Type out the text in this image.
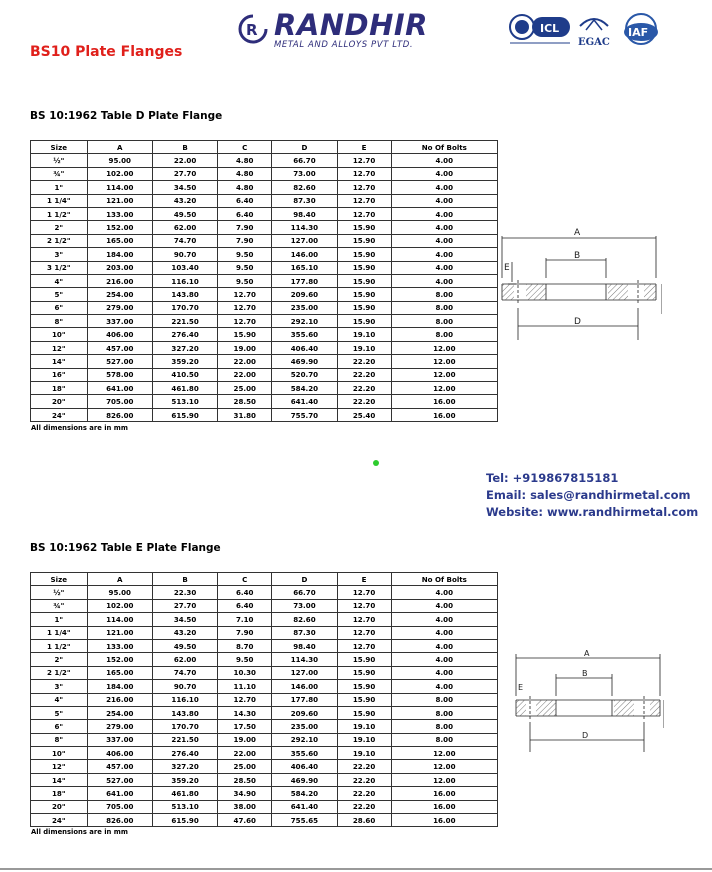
R RANDHIR
METAL AND ALLOYS PVT LTD.
ICL
EGAC
IAF
BS10 Plate Flanges
BS 10:1962 Table D Plate Flange
Size	A	B	C	D	E	No Of Bolts
½"	95.00	22.00	4.80	66.70	12.70	4.00
¾"	102.00	27.70	4.80	73.00	12.70	4.00
1"	114.00	34.50	4.80	82.60	12.70	4.00
1 1/4"	121.00	43.20	6.40	87.30	12.70	4.00
1 1/2"	133.00	49.50	6.40	98.40	12.70	4.00
2"	152.00	62.00	7.90	114.30	15.90	4.00
2 1/2"	165.00	74.70	7.90	127.00	15.90	4.00
3"	184.00	90.70	9.50	146.00	15.90	4.00
3 1/2"	203.00	103.40	9.50	165.10	15.90	4.00
4"	216.00	116.10	9.50	177.80	15.90	4.00
5"	254.00	143.80	12.70	209.60	15.90	8.00
6"	279.00	170.70	12.70	235.00	15.90	8.00
8"	337.00	221.50	12.70	292.10	15.90	8.00
10"	406.00	276.40	15.90	355.60	19.10	8.00
12"	457.00	327.20	19.00	406.40	19.10	12.00
14"	527.00	359.20	22.00	469.90	22.20	12.00
16"	578.00	410.50	22.00	520.70	22.20	12.00
18"	641.00	461.80	25.00	584.20	22.20	12.00
20"	705.00	513.10	28.50	641.40	22.20	16.00
24"	826.00	615.90	31.80	755.70	25.40	16.00
All dimensions are in mm
A
B
D
E
Tel: +919867815181
Email: sales@randhirmetal.com
Website: www.randhirmetal.com
BS 10:1962 Table E Plate Flange
Size	A	B	C	D	E	No Of Bolts
½"	95.00	22.30	6.40	66.70	12.70	4.00
¾"	102.00	27.70	6.40	73.00	12.70	4.00
1"	114.00	34.50	7.10	82.60	12.70	4.00
1 1/4"	121.00	43.20	7.90	87.30	12.70	4.00
1 1/2"	133.00	49.50	8.70	98.40	12.70	4.00
2"	152.00	62.00	9.50	114.30	15.90	4.00
2 1/2"	165.00	74.70	10.30	127.00	15.90	4.00
3"	184.00	90.70	11.10	146.00	15.90	4.00
4"	216.00	116.10	12.70	177.80	15.90	8.00
5"	254.00	143.80	14.30	209.60	15.90	8.00
6"	279.00	170.70	17.50	235.00	19.10	8.00
8"	337.00	221.50	19.00	292.10	19.10	8.00
10"	406.00	276.40	22.00	355.60	19.10	12.00
12"	457.00	327.20	25.00	406.40	22.20	12.00
14"	527.00	359.20	28.50	469.90	22.20	12.00
18"	641.00	461.80	34.90	584.20	22.20	16.00
20"	705.00	513.10	38.00	641.40	22.20	16.00
24"	826.00	615.90	47.60	755.65	28.60	16.00
All dimensions are in mm
A
B
D
E
